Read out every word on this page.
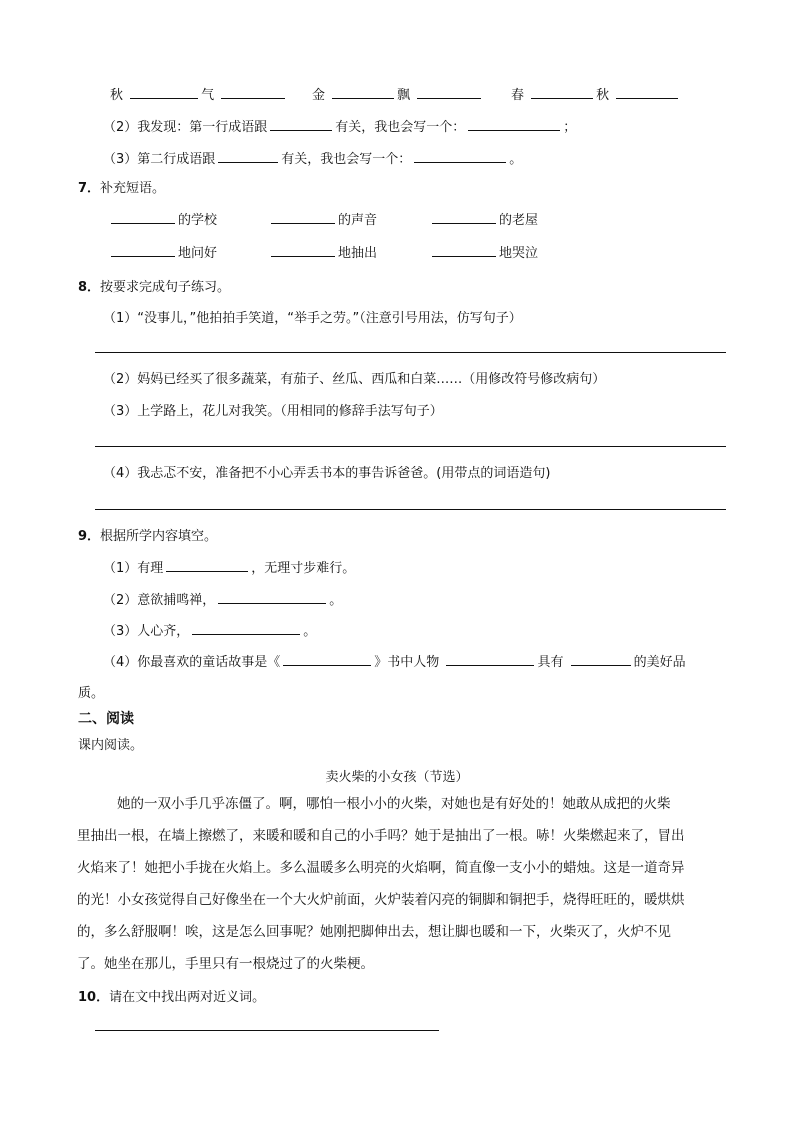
秋	气	金	飘	春	秋
（2）我发现：第一行成语跟	有关，我也会写一个：	；
（3）第二行成语跟	有关，我也会写一个：	。
7．补充短语。
的学校	的声音	的老屋
地问好	地抽出	地哭泣
8．按要求完成句子练习。
（1）“没事儿，”他拍拍手笑道，“举手之劳。”（注意引号用法，仿写句子）
（2）妈妈已经买了很多蔬菜，有茄子、丝瓜、西瓜和白菜……（用修改符号修改病句）
（3）上学路上，花儿对我笑。（用相同的修辞手法写句子）
（4）我忐忑不安，准备把不小心弄丢书本的事告诉爸爸。(用带点的词语造句)
9．根据所学内容填空。
（1）有理	，无理寸步难行。
（2）意欲捕鸣禅，	。
（3）人心齐，	。
（4）你最喜欢的童话故事是《	》书中人物	具有	的美好品
质。
二、阅读
课内阅读。
卖火柴的小女孩（节选）
她的一双小手几乎冻僵了。啊，哪怕一根小小的火柴，对她也是有好处的！她敢从成把的火柴
里抽出一根，在墙上擦燃了，来暖和暖和自己的小手吗？她于是抽出了一根。哧！火柴燃起来了，冒出
火焰来了！她把小手拢在火焰上。多么温暖多么明亮的火焰啊，简直像一支小小的蜡烛。这是一道奇异
的光！小女孩觉得自己好像坐在一个大火炉前面，火炉装着闪亮的铜脚和铜把手，烧得旺旺的，暖烘烘
的，多么舒服啊！唉，这是怎么回事呢？她刚把脚伸出去，想让脚也暖和一下，火柴灭了，火炉不见
了。她坐在那儿，手里只有一根烧过了的火柴梗。
10．请在文中找出两对近义词。
